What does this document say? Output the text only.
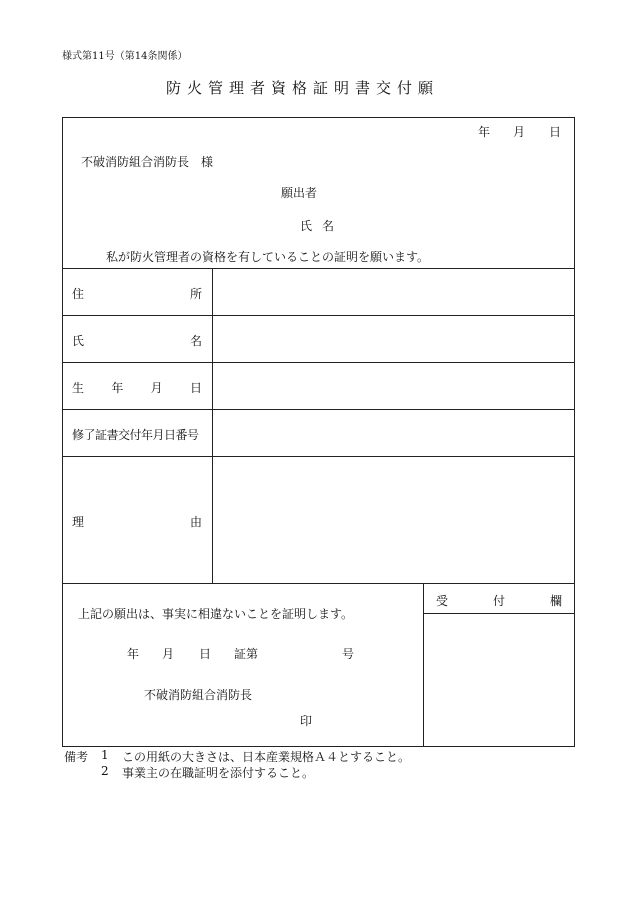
様式第11号（第14条関係）
防火管理者資格証明書交付願
年 月 日
不破消防組合消防長　様
願出者
氏 名
私が防火管理者の資格を有していることの証明を願います。
住	所
氏	名
生 年 月 日
修了証書交付年月日番号
理	由
受	付	欄
上記の願出は、事実に相違ないことを証明します。
年 月 日 証第	号
不破消防組合消防長
印
備考 1 この用紙の大きさは、日本産業規格Ａ４とすること。
2 事業主の在職証明を添付すること。
